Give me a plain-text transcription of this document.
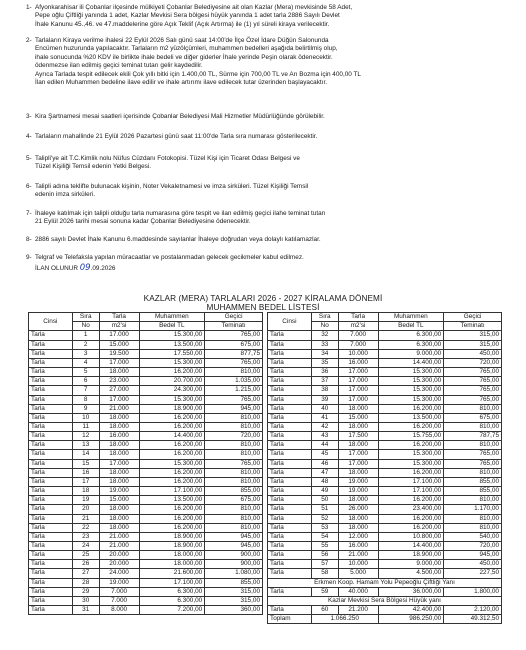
1- Afyonkarahisar ili Çobanlar ilçesinde mülkiyeti Çobanlar Belediyesine ait olan Kazlar (Mera) mevkisinde 58 Adet,
Pepe oğlu Çiftliği yanında 1 adet, Kazlar Mevkisi Sera bölgesi hüyük yanında 1 adet tarla 2886 Sayılı Devlet
İhale Kanunu 45.,46. ve 47.maddelerine göre Açık Teklif (Açık Artırma) ile (1) yıl süreli kiraya verilecektir.
2- Tarlaların Kiraya verilme ihalesi 22 Eylül 2026 Salı günü saat 14:00'de İlçe Özel İdare Düğün Salonunda
Encümen huzurunda yapılacaktır. Tarlaların m2 yüzölçümleri, muhammen bedelleri aşağıda belirtilmiş olup,
ihale sonucunda %20 KDV ile birlikte ihale bedeli ve diğer giderler İhale yerinde Peşin olarak ödenecektir.
ödenmezse ilan edilmiş geçici teminat tutarı gelir kaydedilir.
Ayrıca Tarlada tespit edilecek ekili Çok yıllı bitki için 1.400,00 TL, Sürme için 700,00 TL ve Arı Bozma için 400,00 TL
İlan edilen Muhammen bedeline ilave edilir ve ihale artırımı ilave edilecek tutar üzerinden başlayacaktır.
3- Kira Şartnamesi mesai saatleri içerisinde Çobanlar Belediyesi Mali Hizmetler Müdürlüğünde görülebilir.
4- Tarlaların mahallinde 21 Eylül 2026 Pazartesi günü saat 11:00'de Tarla sıra numarası gösterilecektir.
5- Talipli'ye ait T.C.Kimlik nolu Nüfus Cüzdanı Fotokopisi. Tüzel Kişi için Ticaret Odası Belgesi ve
Tüzel Kişiliği Temsil edenin Yetki Belgesi.
6- Talipli adına teklifte bulunacak kişinin, Noter Vekaletnamesi ve imza sirküleri. Tüzel Kişiliği Temsil
edenin imza sirküleri.
7- İhaleye katılmak için talipli olduğu tarla numarasına göre tespit ve ilan edilmiş geçici ilahe teminat tutarı
21 Eylül 2026 tarihi mesai sonuna kadar Çobanlar Belediyesine ödenecektir.
8- 2886 sayılı Devlet İhale Kanunu 6.maddesinde sayılanlar İhaleye doğrudan veya dolaylı katılamazlar.
9- Telgraf ve Telefaksla yapılan müracaatlar ve postalanmadan gelecek gecikmeler kabul edilmez.
İLAN OLUNUR 09.09.2026
KAZLAR (MERA) TARLALARI 2026 - 2027 KİRALAMA DÖNEMİ
MUHAMMEN BEDEL LİSTESİ
Cinsi	Sıra	Tarla	Muhammen	Geçici
	No	m2'si	Bedel TL	Teminatı
Tarla	1	17.000	15.300,00	765,00
Tarla	2	15.000	13.500,00	675,00
Tarla	3	19.500	17.550,00	877,75
Tarla	4	17.000	15.300,00	765,00
Tarla	5	18.000	16.200,00	810,00
Tarla	6	23.000	20.700,00	1.035,00
Tarla	7	27.000	24.300,00	1.215,00
Tarla	8	17.000	15.300,00	765,00
Tarla	9	21.000	18.900,00	945,00
Tarla	10	18.000	16.200,00	810,00
Tarla	11	18.000	16.200,00	810,00
Tarla	12	16.000	14.400,00	720,00
Tarla	13	18.000	16.200,00	810,00
Tarla	14	18.000	16.200,00	810,00
Tarla	15	17.000	15.300,00	765,00
Tarla	16	18.000	16.200,00	810,00
Tarla	17	18.000	16.200,00	810,00
Tarla	18	19.000	17.100,00	855,00
Tarla	19	15.000	13.500,00	675,00
Tarla	20	18.000	16.200,00	810,00
Tarla	21	18.000	16.200,00	810,00
Tarla	22	18.000	16.200,00	810,00
Tarla	23	21.000	18.900,00	945,00
Tarla	24	21.000	18.900,00	945,00
Tarla	25	20.000	18.000,00	900,00
Tarla	26	20.000	18.000,00	900,00
Tarla	27	24.000	21.600,00	1.080,00
Tarla	28	19.000	17.100,00	855,00
Tarla	29	7.000	6.300,00	315,00
Tarla	30	7.000	6.300,00	315,00
Tarla	31	8.000	7.200,00	360,00
Cinsi	Sıra	Tarla	Muhammen	Geçici
	No	m2'si	Bedel TL	Teminatı
Tarla	32	7.000	6.300,00	315,00
Tarla	33	7.000	6.300,00	315,00
Tarla	34	10.000	9.000,00	450,00
Tarla	35	16.000	14.400,00	720,00
Tarla	36	17.000	15.300,00	765,00
Tarla	37	17.000	15.300,00	765,00
Tarla	38	17.000	15.300,00	765,00
Tarla	39	17.000	15.300,00	765,00
Tarla	40	18.000	16.200,00	810,00
Tarla	41	15.000	13.500,00	675,00
Tarla	42	18.000	16.200,00	810,00
Tarla	43	17.500	15.755,00	787,75
Tarla	44	18.000	16.200,00	810,00
Tarla	45	17.000	15.300,00	765,00
Tarla	46	17.000	15.300,00	765,00
Tarla	47	18.000	16.200,00	810,00
Tarla	48	19.000	17.100,00	855,00
Tarla	49	19.000	17.100,00	855,00
Tarla	50	18.000	16.200,00	810,00
Tarla	51	26.000	23.400,00	1.170,00
Tarla	52	18.000	16.200,00	810,00
Tarla	53	18.000	16.200,00	810,00
Tarla	54	12.000	10.800,00	540,00
Tarla	55	16.000	14.400,00	720,00
Tarla	56	21.000	18.900,00	945,00
Tarla	57	10.000	9.000,00	450,00
Tarla	58	5.000	4.500,00	227,50
Erkmen Koop. Hamam Yolu Pepeoğlu Çiftliği Yanı				
Tarla	59	40.000	36.000,00	1.800,00
Kazlar Mevkisi Sera Bölgesi Hüyük yanı				
Tarla	60	21.200	42.400,00	2.120,00
Toplam	1.066.250		986.250,00	49.312,50
